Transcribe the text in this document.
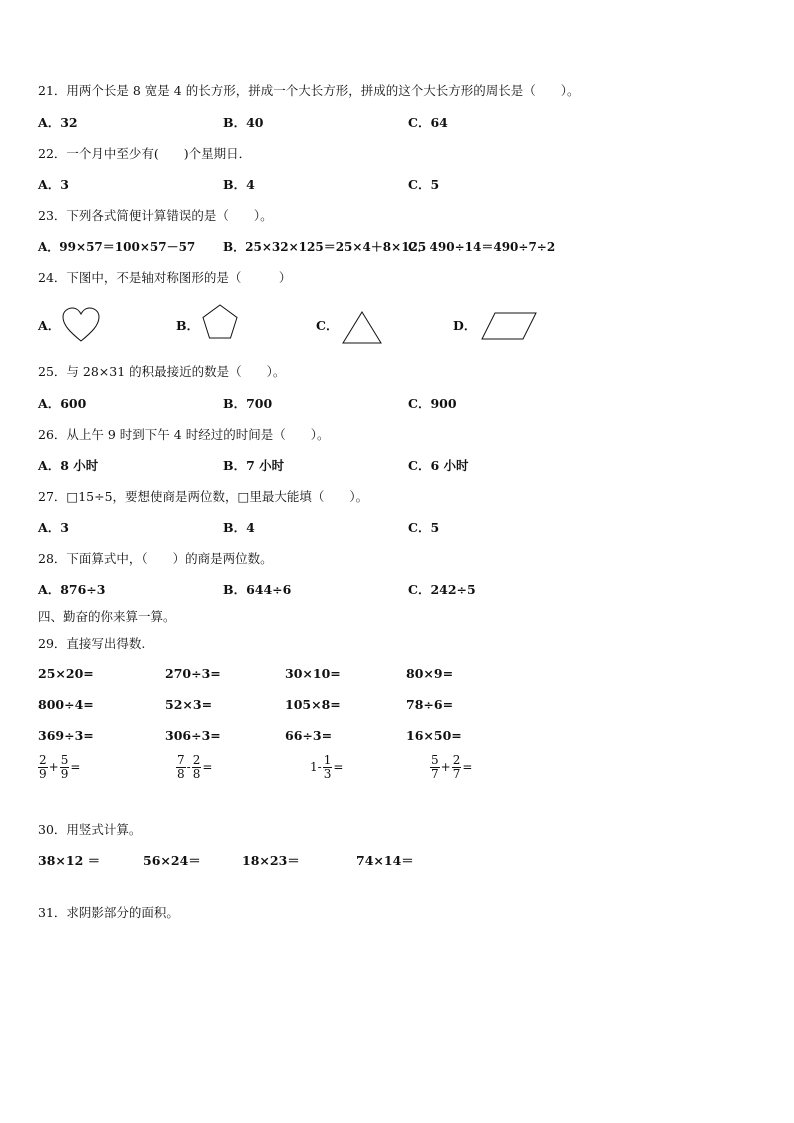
21．用两个长是 8 宽是 4 的长方形，拼成一个大长方形，拼成的这个大长方形的周长是（　　）。
A．32	B．40	C．64
22．一个月中至少有(　　)个星期日．
A．3	B．4	C．5
23．下列各式简便计算错误的是（　　）。
A．99×57＝100×57－57 B．25×32×125＝25×4＋8×125
C．490÷14＝490÷7÷2
24．下图中，不是轴对称图形的是（　　　）
A．	B．	C．	D．
25．与 28×31 的积最接近的数是（　　）。
A．600	B．700	C．900
26．从上午 9 时到下午 4 时经过的时间是（　　）。
A．8 小时	B．7 小时	C．6 小时
27．□15÷5，要想使商是两位数，□里最大能填（　　）。
A．3	B．4	C．5
28．下面算式中，（　　）的商是两位数。
A．876÷3	B．644÷6	C．242÷5
四、勤奋的你来算一算。
29．直接写出得数.
25×20=	270÷3=	30×10=	80×9=
800÷4=	52×3=	105×8=	78÷6=
369÷3=	306÷3=	66÷3=	16×50=
$\frac{2}{9} + \frac{5}{9}$ =	$\frac{7}{8} - \frac{2}{8}$ =	$1- \frac{1}{3}$ =	$\frac{5}{7} + \frac{2}{7}$ =
30．用竖式计算。
38×12 ＝	56×24＝	18×23＝	74×14＝
31．求阴影部分的面积。
